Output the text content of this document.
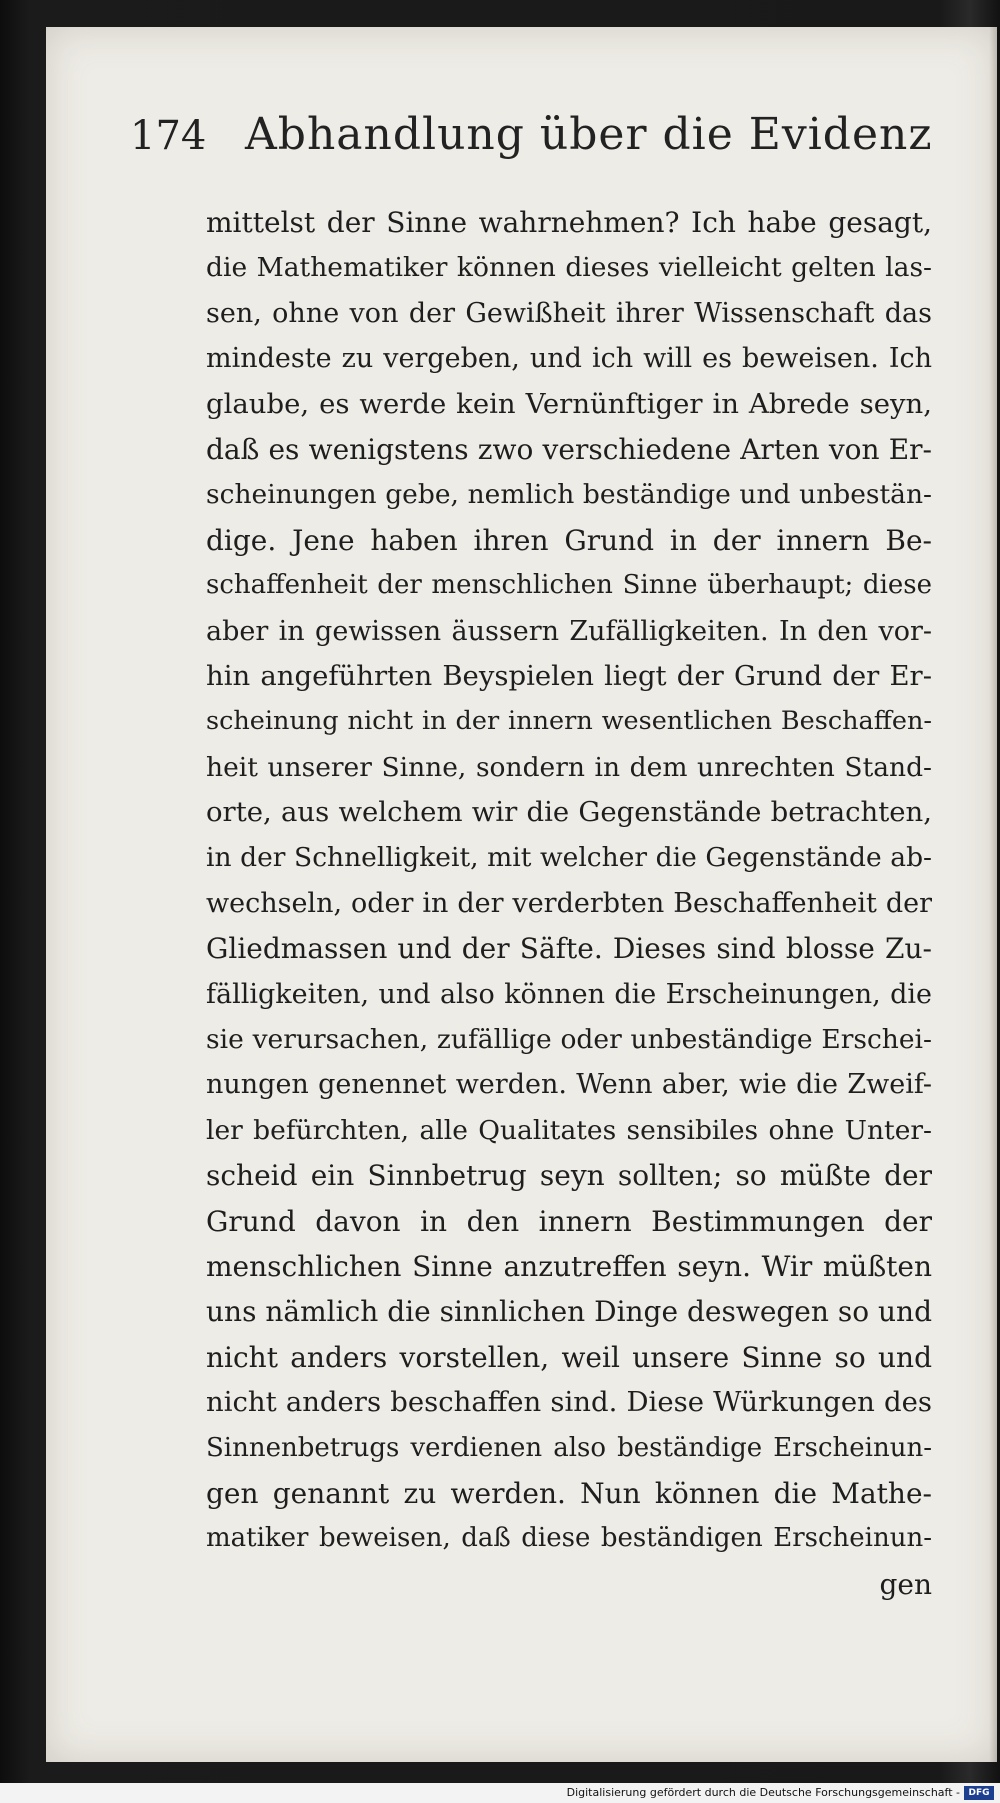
174 Abhandlung über die Evidenz
mittelst der Sinne wahrnehmen? Ich habe gesagt,
die Mathematiker können dieses vielleicht gelten las-
sen, ohne von der Gewißheit ihrer Wissenschaft das
mindeste zu vergeben, und ich will es beweisen. Ich
glaube, es werde kein Vernünftiger in Abrede seyn,
daß es wenigstens zwo verschiedene Arten von Er-
scheinungen gebe, nemlich beständige und unbestän-
dige. Jene haben ihren Grund in der innern Be-
schaffenheit der menschlichen Sinne überhaupt; diese
aber in gewissen äussern Zufälligkeiten. In den vor-
hin angeführten Beyspielen liegt der Grund der Er-
scheinung nicht in der innern wesentlichen Beschaffen-
heit unserer Sinne, sondern in dem unrechten Stand-
orte, aus welchem wir die Gegenstände betrachten,
in der Schnelligkeit, mit welcher die Gegenstände ab-
wechseln, oder in der verderbten Beschaffenheit der
Gliedmassen und der Säfte. Dieses sind blosse Zu-
fälligkeiten, und also können die Erscheinungen, die
sie verursachen, zufällige oder unbeständige Erschei-
nungen genennet werden. Wenn aber, wie die Zweif-
ler befürchten, alle Qualitates sensibiles ohne Unter-
scheid ein Sinnbetrug seyn sollten; so müßte der
Grund davon in den innern Bestimmungen der
menschlichen Sinne anzutreffen seyn. Wir müßten
uns nämlich die sinnlichen Dinge deswegen so und
nicht anders vorstellen, weil unsere Sinne so und
nicht anders beschaffen sind. Diese Würkungen des
Sinnenbetrugs verdienen also beständige Erscheinun-
gen genannt zu werden. Nun können die Mathe-
matiker beweisen, daß diese beständigen Erscheinun-
gen
Digitalisierung gefördert durch die Deutsche Forschungsgemeinschaft - DFG
